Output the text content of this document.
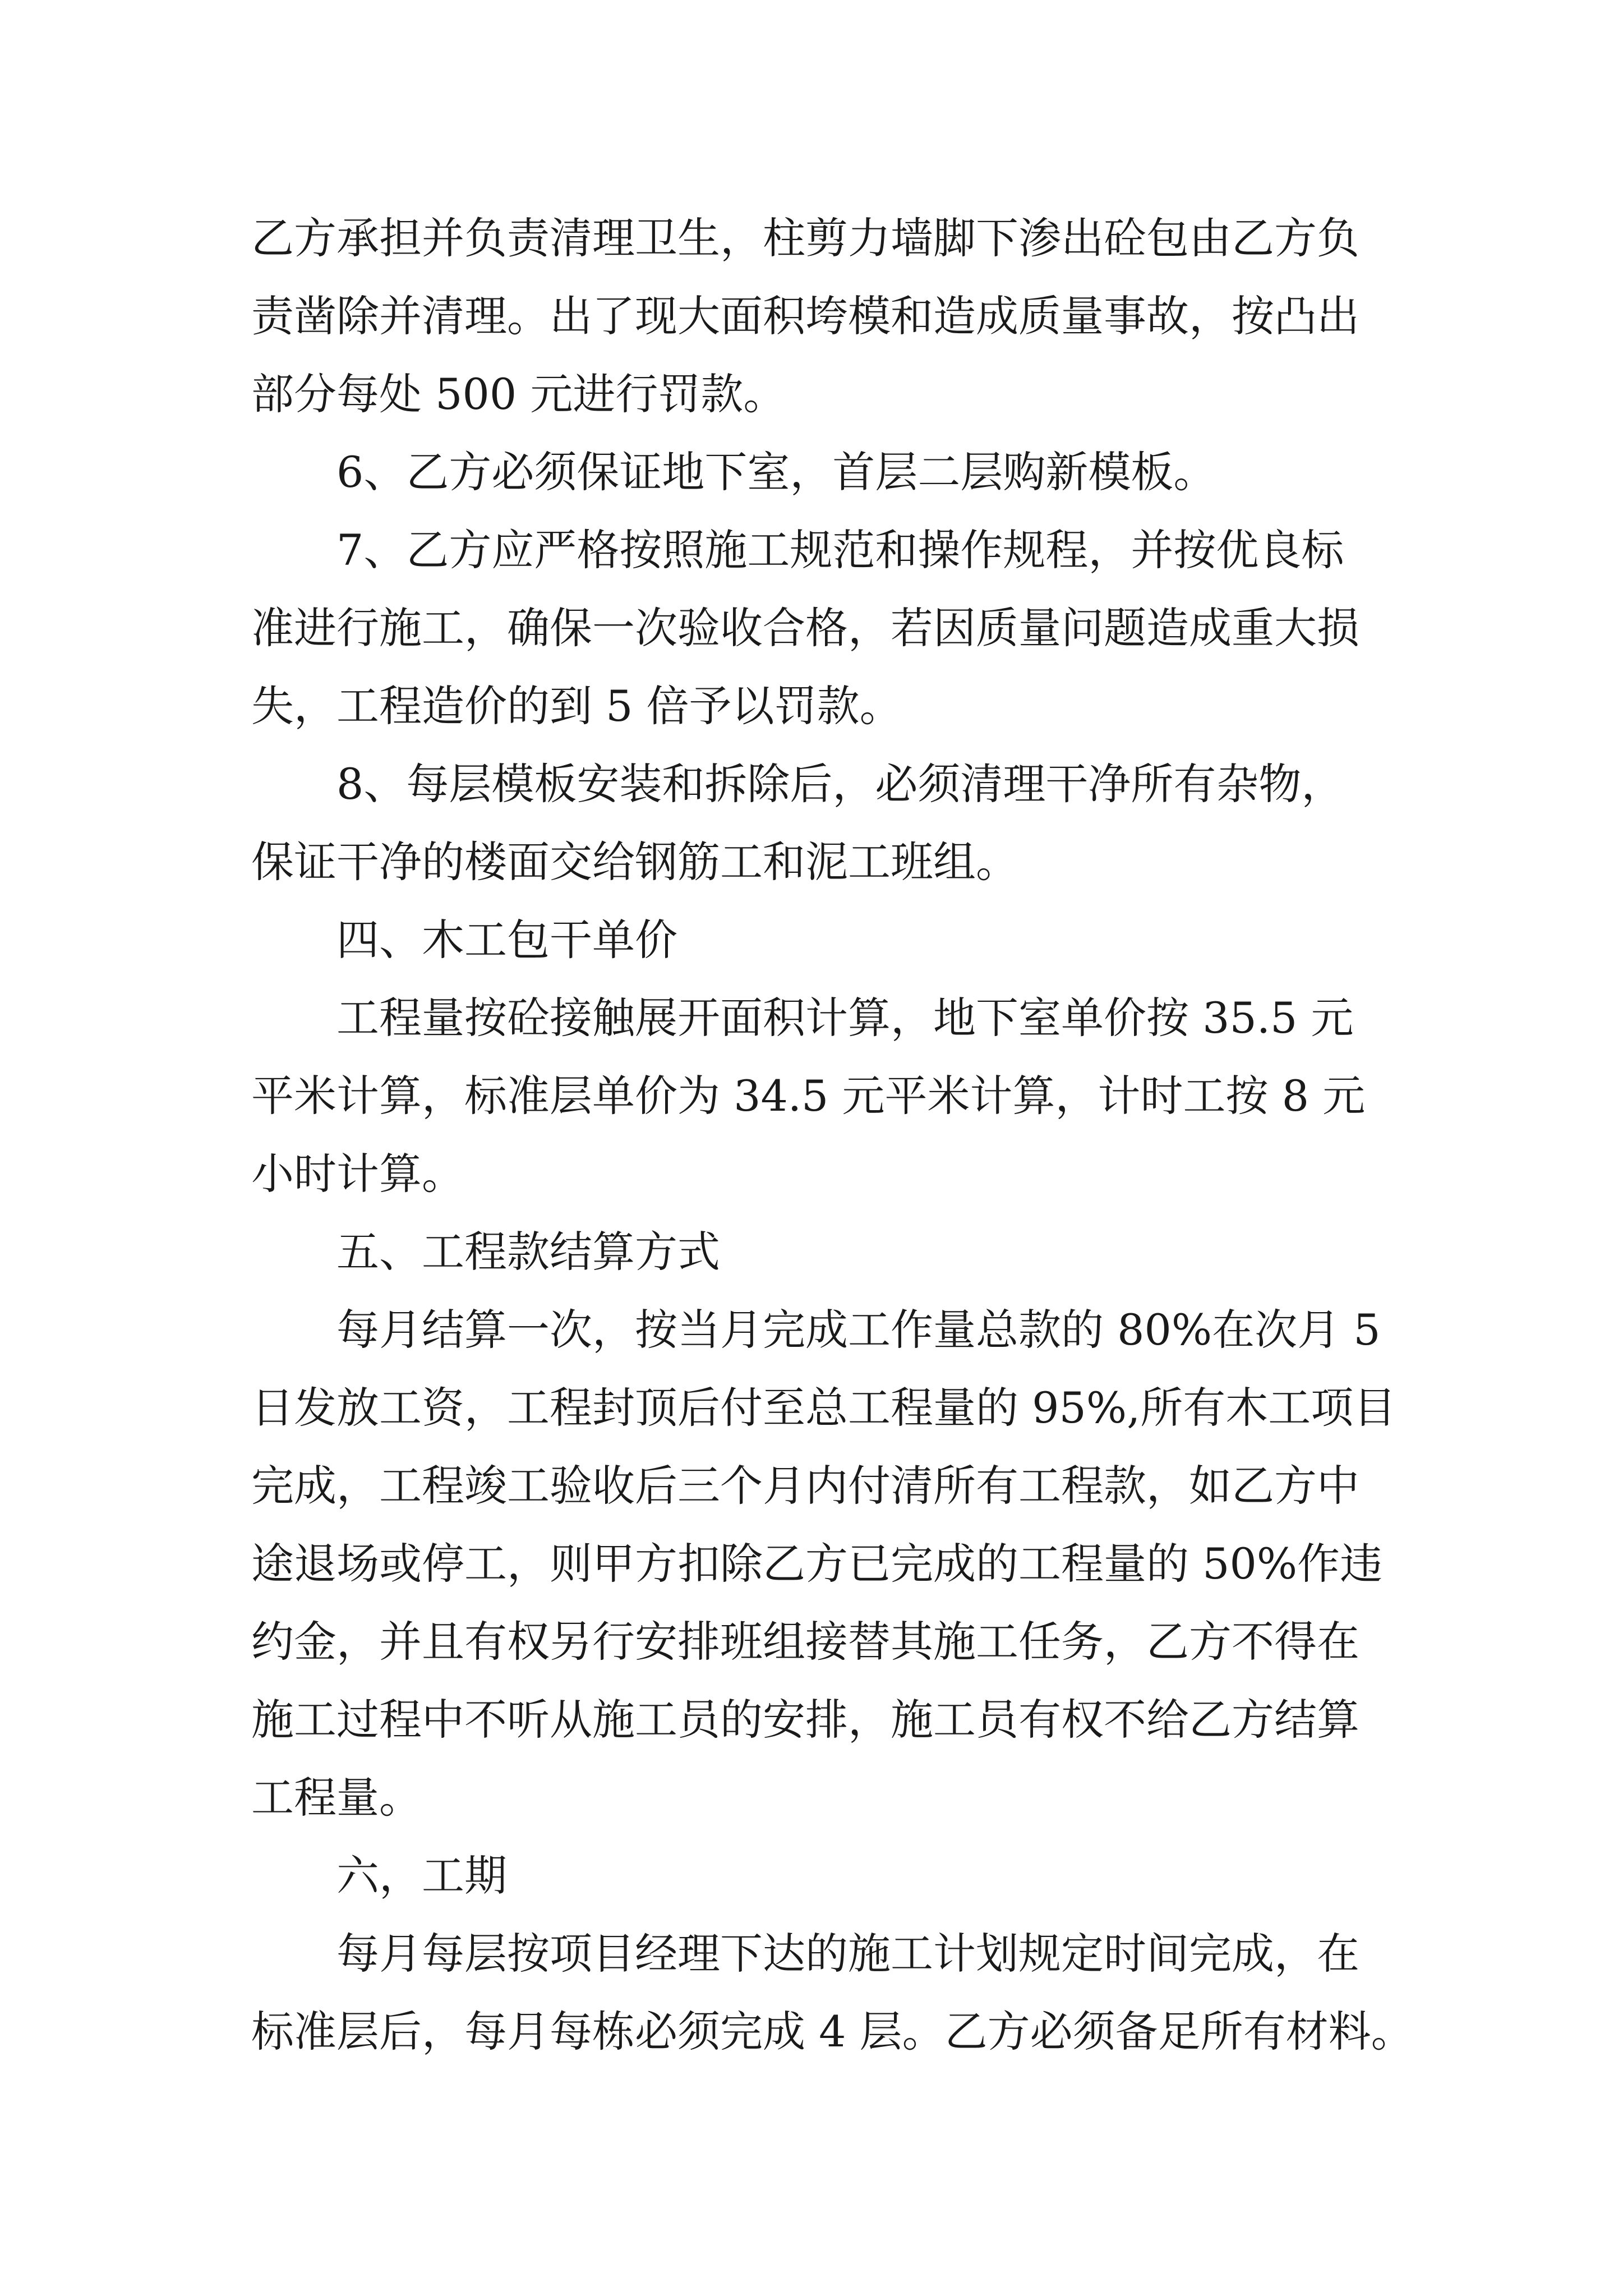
乙方承担并负责清理卫生，柱剪力墙脚下渗出砼包由乙方负
责凿除并清理。出了现大面积垮模和造成质量事故，按凸出
部分每处 500 元进行罚款。
6、乙方必须保证地下室，首层二层购新模板。
7、乙方应严格按照施工规范和操作规程，并按优良标
准进行施工，确保一次验收合格，若因质量问题造成重大损
失，工程造价的到 5 倍予以罚款。
8、每层模板安装和拆除后，必须清理干净所有杂物，
保证干净的楼面交给钢筋工和泥工班组。
四、木工包干单价
工程量按砼接触展开面积计算，地下室单价按 35.5 元
平米计算，标准层单价为 34.5 元平米计算，计时工按 8 元
小时计算。
五、工程款结算方式
每月结算一次，按当月完成工作量总款的 80%在次月 5
日发放工资，工程封顶后付至总工程量的 95%,所有木工项目
完成，工程竣工验收后三个月内付清所有工程款，如乙方中
途退场或停工，则甲方扣除乙方已完成的工程量的 50%作违
约金，并且有权另行安排班组接替其施工任务，乙方不得在
施工过程中不听从施工员的安排，施工员有权不给乙方结算
工程量。
六，工期
每月每层按项目经理下达的施工计划规定时间完成，在
标准层后，每月每栋必须完成 4 层。乙方必须备足所有材料。
